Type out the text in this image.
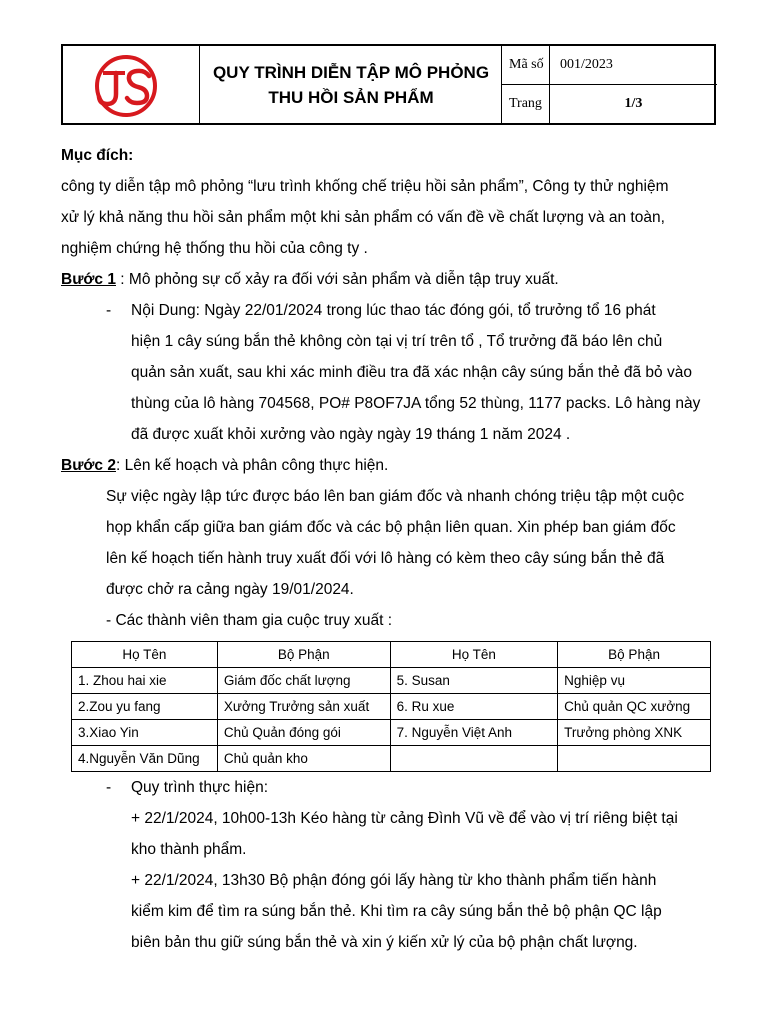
QUY TRÌNH DIỄN TẬP MÔ PHỎNG
THU HỒI SẢN PHẨM
Mã số	001/2023
Trang	1/3
Mục đích:
công ty diễn tập mô phỏng “lưu trình khống chế triệu hồi sản phẩm”, Công ty thử nghiệm
xử lý khả năng thu hồi sản phẩm một khi sản phẩm có vấn đề về chất lượng và an toàn,
nghiệm chứng hệ thống thu hồi của công ty .
Bước 1 : Mô phỏng sự cố xảy ra đối với sản phẩm và diễn tập truy xuất.
- Nội Dung: Ngày 22/01/2024 trong lúc thao tác đóng gói, tổ trưởng tổ 16 phát
hiện 1 cây súng bắn thẻ không còn tại vị trí trên tổ , Tổ trưởng đã báo lên chủ
quản sản xuất, sau khi xác minh điều tra đã xác nhận cây súng bắn thẻ đã bỏ vào
thùng của lô hàng 704568, PO# P8OF7JA tổng 52 thùng, 1177 packs. Lô hàng này
đã được xuất khỏi xưởng vào ngày ngày 19 tháng 1 năm 2024 .
Bước 2: Lên kế hoạch và phân công thực hiện.
Sự việc ngày lập tức được báo lên ban giám đốc và nhanh chóng triệu tập một cuộc
họp khẩn cấp giữa ban giám đốc và các bộ phận liên quan. Xin phép ban giám đốc
lên kế hoạch tiến hành truy xuất đối với lô hàng có kèm theo cây súng bắn thẻ đã
được chở ra cảng ngày 19/01/2024.
- Các thành viên tham gia cuộc truy xuất :
Họ Tên	Bộ Phận	Họ Tên	Bộ Phận
1. Zhou hai xie	Giám đốc chất lượng	5. Susan	Nghiệp vụ
2.Zou yu fang	Xưởng Trưởng sản xuất	6. Ru xue	Chủ quản QC xưởng
3.Xiao Yin	Chủ Quản đóng gói	7. Nguyễn Việt Anh	Trưởng phòng XNK
4.Nguyễn Văn Dũng	Chủ quản kho		
- Quy trình thực hiện:
+ 22/1/2024, 10h00-13h Kéo hàng từ cảng Đình Vũ về để vào vị trí riêng biệt tại
kho thành phẩm.
+ 22/1/2024, 13h30 Bộ phận đóng gói lấy hàng từ kho thành phẩm tiến hành
kiểm kim để tìm ra súng bắn thẻ. Khi tìm ra cây súng bắn thẻ bộ phận QC lập
biên bản thu giữ súng bắn thẻ và xin ý kiến xử lý của bộ phận chất lượng.
